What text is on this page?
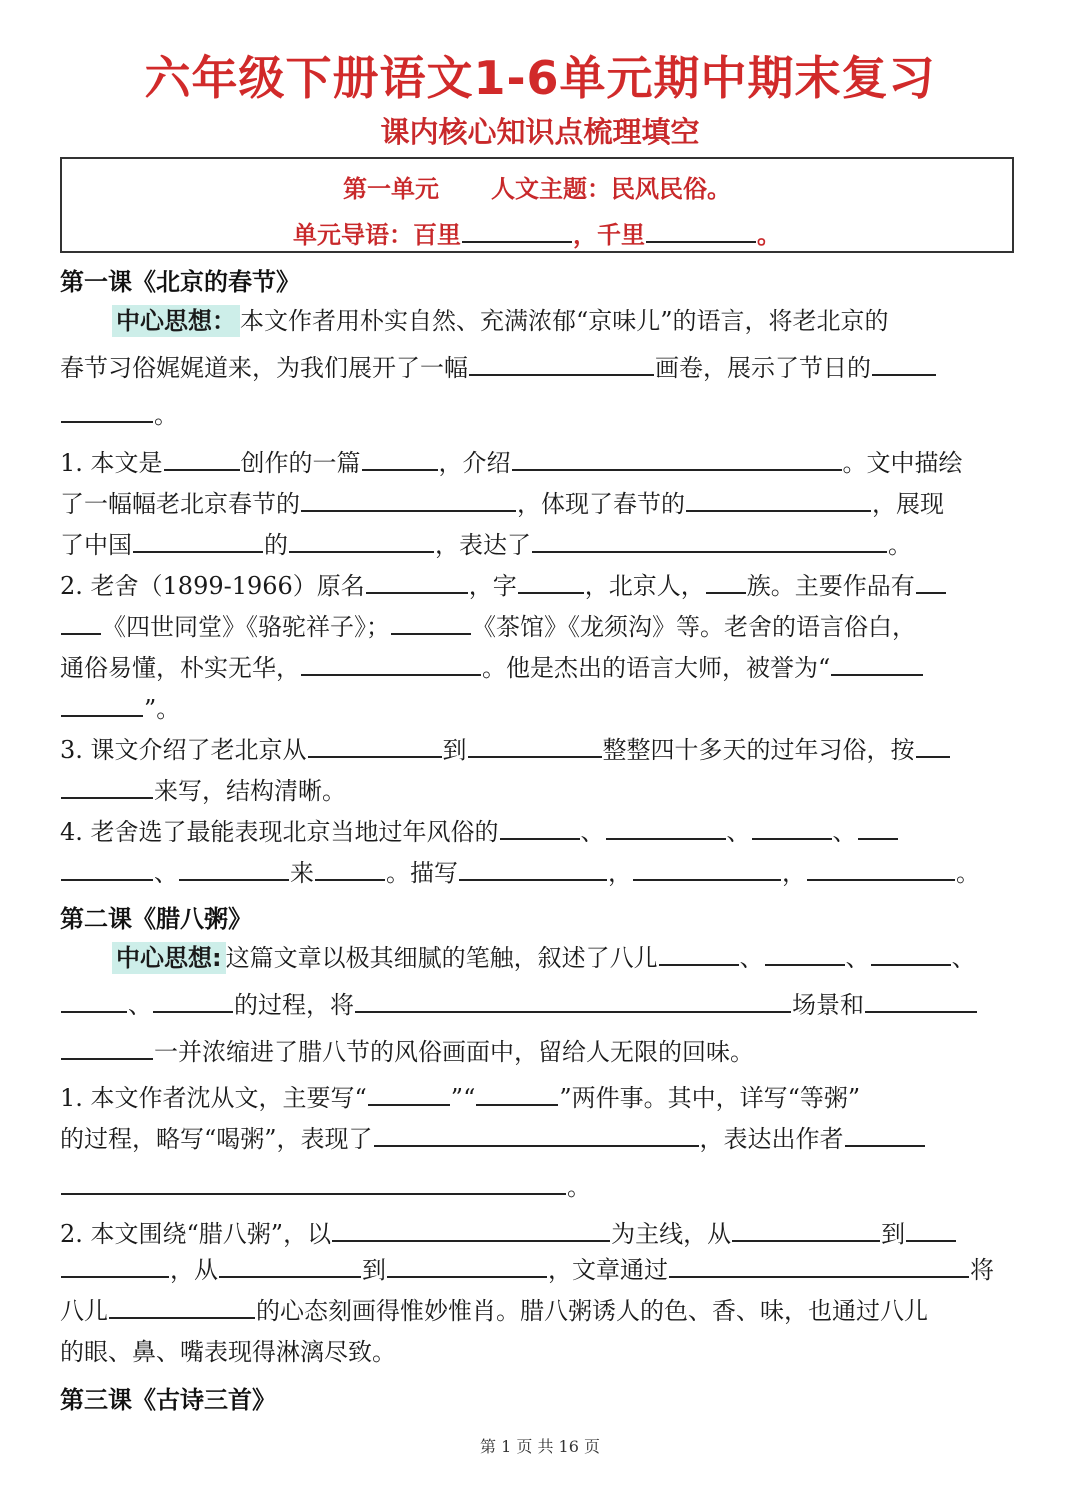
六年级下册语文1-6单元期中期末复习
课内核心知识点梳理填空
第一单元 人文主题：民风民俗。
单元导语：百里	，千里	。
第一课《北京的春节》
中心思想： 本文作者用朴实自然、充满浓郁“京味儿”的语言，将老北京的
春节习俗娓娓道来，为我们展开了一幅	画卷，展示了节日的
。
1. 本文是	创作的一篇	，介绍	。文中描绘
了一幅幅老北京春节的	，体现了春节的	，展现
了中国	的	，表达了	。
2. 老舍（1899-1966）原名	，字	，北京人， 族。主要作品有
《四世同堂》《骆驼祥子》；	《茶馆》《龙须沟》等。老舍的语言俗白，
通俗易懂，朴实无华，	。他是杰出的语言大师，被誉为“
”。
3. 课文介绍了老北京从	到	整整四十多天的过年习俗，按
来写，结构清晰。
4. 老舍选了最能表现北京当地过年风俗的	、	、	、
、	来	。描写	，	，	。
第二课《腊八粥》
中心思想: 这篇文章以极其细腻的笔触，叙述了八儿	、	、	、
、	的过程，将	场景和
一并浓缩进了腊八节的风俗画面中，留给人无限的回味。
1. 本文作者沈从文，主要写“	”“	”两件事。其中，详写“等粥”
的过程，略写“喝粥”，表现了	，表达出作者
。
2. 本文围绕“腊八粥”，以	为主线，从	到
，从	到	，文章通过	将
八儿	的心态刻画得惟妙惟肖。腊八粥诱人的色、香、味，也通过八儿
的眼、鼻、嘴表现得淋漓尽致。
第三课《古诗三首》
第 1 页 共 16 页
